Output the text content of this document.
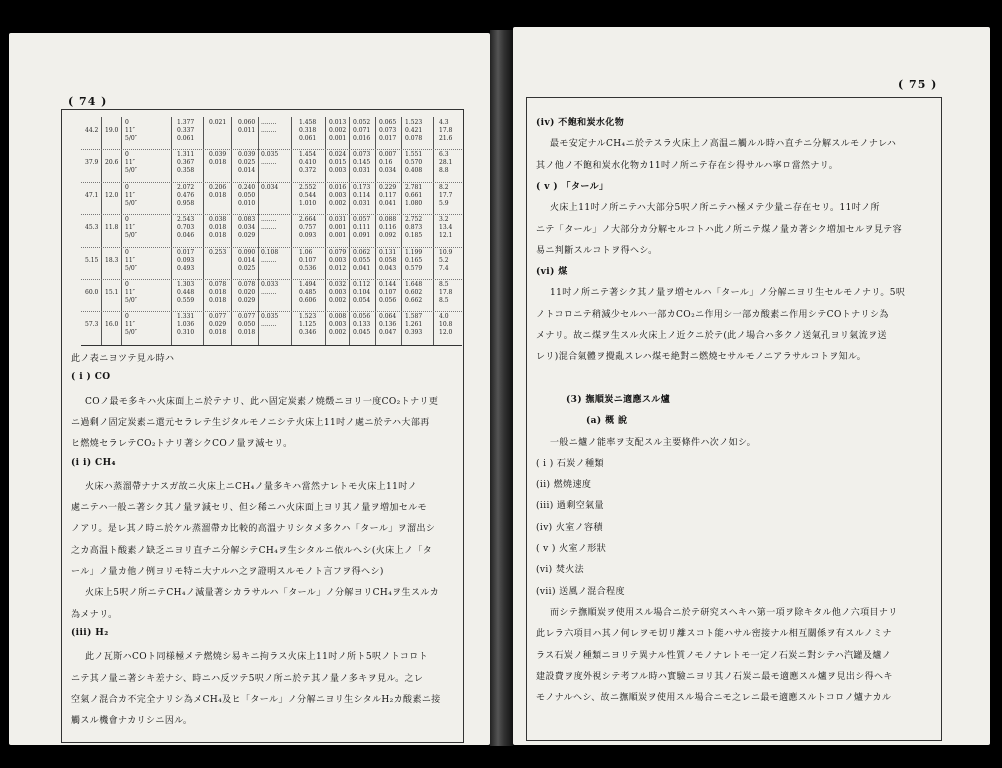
( 74 )
44.2 19.0
0
11″
5/0″
1.377
0.337
0.061
0.021 0.060
0.011
........
........
1.458
0.318
0.061
0.013
0.002
0.001
0.052
0.071
0.016
0.065
0.073
0.017
1.523
0.421
0.078
4.3
17.8
21.6
37.9 20.6
0
11″
5/0″
1.311
0.367
0.358
0.039
0.018
0.039
0.025
0.014
0.035
........
1.454
0.410
0.372
0.024
0.015
0.003
0.073
0.145
0.031
0.007
0.16
0.034
1.551
0.570
0.408
6.3
28.1
8.8
47.1 12.0
0
11″
5/0″
2.072
0.476
0.958
0.206
0.018
0.240
0.050
0.010
0.034	2.552
0.544
1.010
0.016
0.003
0.002
0.173
0.114
0.031
0.229
0.117
0.041
2.781
0.661
1.080
8.2
17.7
5.9
45.3 11.8
0
11″
5/0″
2.543
0.703
0.046
0.038
0.018
0.018
0.083
0.034
0.029
........
........
2.664
0.757
0.093
0.031
0.001
0.001
0.057
0.111
0.091
0.088
0.116
0.092
2.752
0.873
0.185
3.2
13.4
12.1
5.15 18.3
0
11″
5/0″
0.017
0.093
0.493
0.253 0.090
0.014
0.025
0.108
........
1.06
0.107
0.536
0.079
0.003
0.012
0.062
0.055
0.041
0.131
0.058
0.043
1.199
0.165
0.579
10.9
5.2
7.4
60.0 15.1
0
11″
5/0″
1.303
0.448
0.559
0.078
0.018
0.018
0.078
0.020
0.029
0.033
........
1.494
0.485
0.606
0.032
0.003
0.002
0.112
0.104
0.054
0.144
0.107
0.056
1.648
0.602
0.662
8.5
17.8
8.5
57.3 16.0
0
11″
5/0″
1.331
1.036
0.310
0.077
0.029
0.018
0.077
0.050
0.018
0.035
........
1.523
1.125
0.346
0.008
0.003
0.002
0.056
0.133
0.045
0.064
0.136
0.047
1.587
1.261
0.393
4.0
10.8
12.0
此ノ表ニヨツテ見ル時ハ
( i ) CO
COノ最モ多キハ火床面上ニ於テナリ、此ハ固定炭素ノ燒燬ニヨリ一度CO₂トナリ更
ニ過剩ノ固定炭素ニ還元セラレテ生ジタルモノニシテ火床上11吋ノ處ニ於テハ大部再
ヒ燃燒セラレテCO₂トナリ著シクCOノ量ヲ減セリ。
(i i) CH₄
火床ハ蒸溜帶ナナスガ故ニ火床上ニCH₄ノ量多キハ當然ナレトモ火床上11吋ノ
處ニテハ一般ニ著シク其ノ量ヲ減セリ、但シ稀ニハ火床面上ヨリ其ノ量ヲ増加セルモ
ノアリ。是レ其ノ時ニ於ケル蒸溜帶カ比較的高溫ナリシタメ多クハ「タール」ヲ溜出シ
之カ高温ト酸素ノ缺乏ニヨリ直チニ分解シテCH₄ヲ生シタルニ依ルヘシ(火床上ノ「タ
ール」ノ量カ他ノ例ヨリモ特ニ大ナルハ之ヲ證明スルモノト言フヲ得ヘシ)
火床上5呎ノ所ニテCH₄ノ減量著シカラサルハ「タール」ノ分解ヨリCH₄ヲ生スルカ
為メナリ。
(iii) H₂
此ノ瓦斯ハCOト同様極メテ燃燒シ易キニ拘ラス火床上11吋ノ所ト5呎ノトコロト
ニテ其ノ量ニ著シキ差ナシ、時ニハ反ツテ5呎ノ所ニ於テ其ノ量ノ多キヲ見ル。之レ
空氣ノ混合カ不完全ナリシ為メCH₄及ヒ「タール」ノ分解ニヨリ生シタルH₂カ酸素ニ接
觸スル機會ナカリシニ因ル。
( 75 )
(iv) 不飽和炭水化物
最モ安定ナルCH₄ニ於テスラ火床上ノ高温ニ觸ルル時ハ直チニ分解スルモノナレハ
其ノ他ノ不飽和炭水化物カ11吋ノ所ニテ存在シ得サルハ寧ロ當然ナリ。
( v ) 「タール」
火床上11吋ノ所ニテハ大部分5呎ノ所ニテハ極メテ少量ニ存在セリ。11吋ノ所
ニテ「タール」ノ大部分カ分解セルコトハ此ノ所ニテ煤ノ量カ著シク増加セルヲ見テ容
易ニ判斷スルコトヲ得ヘシ。
(vi) 煤
11吋ノ所ニテ著シク其ノ量ヲ増セルハ「タール」ノ分解ニヨリ生セルモノナリ。5呎
ノトコロニテ稍減少セルハ一部カCO₂ニ作用シ一部カ酸素ニ作用シテCOトナリシ為
メナリ。故ニ煤ヲ生スル火床上ノ近クニ於テ(此ノ場合ハ多クノ送氣孔ヨリ氣流ヲ送
レリ)混合氣體ヲ攪亂スレハ煤モ絶對ニ燃燒セサルモノニアラサルコトヲ知ル。
(3) 撫順炭ニ適應スル爐
(a) 概 說
一般ニ爐ノ能率ヲ支配スル主要條件ハ次ノ如シ。
( i ) 石炭ノ種類
(ii) 燃燒速度
(iii) 過剩空氣量
(iv) 火室ノ容積
( v ) 火室ノ形狀
(vi) 焚火法
(vii) 送風ノ混合程度
而シテ撫順炭ヲ使用スル場合ニ於テ研究スヘキハ第一項ヲ除キタル他ノ六項目ナリ
此レラ六項目ハ其ノ何レヲモ切リ離スコト能ハサル密接ナル相互關係ヲ有スルノミナ
ラス石炭ノ種類ニヨリテ異ナル性質ノモノナレトモ一定ノ石炭ニ對シテハ汽罐及爐ノ
建設費ヲ度外視シテ考フル時ハ實驗ニヨリ其ノ石炭ニ最モ適應スル爐ヲ見出シ得ヘキ
モノナルヘシ、故ニ撫順炭ヲ使用スル場合ニモ之レニ最モ適應スルトコロノ爐ナカル
